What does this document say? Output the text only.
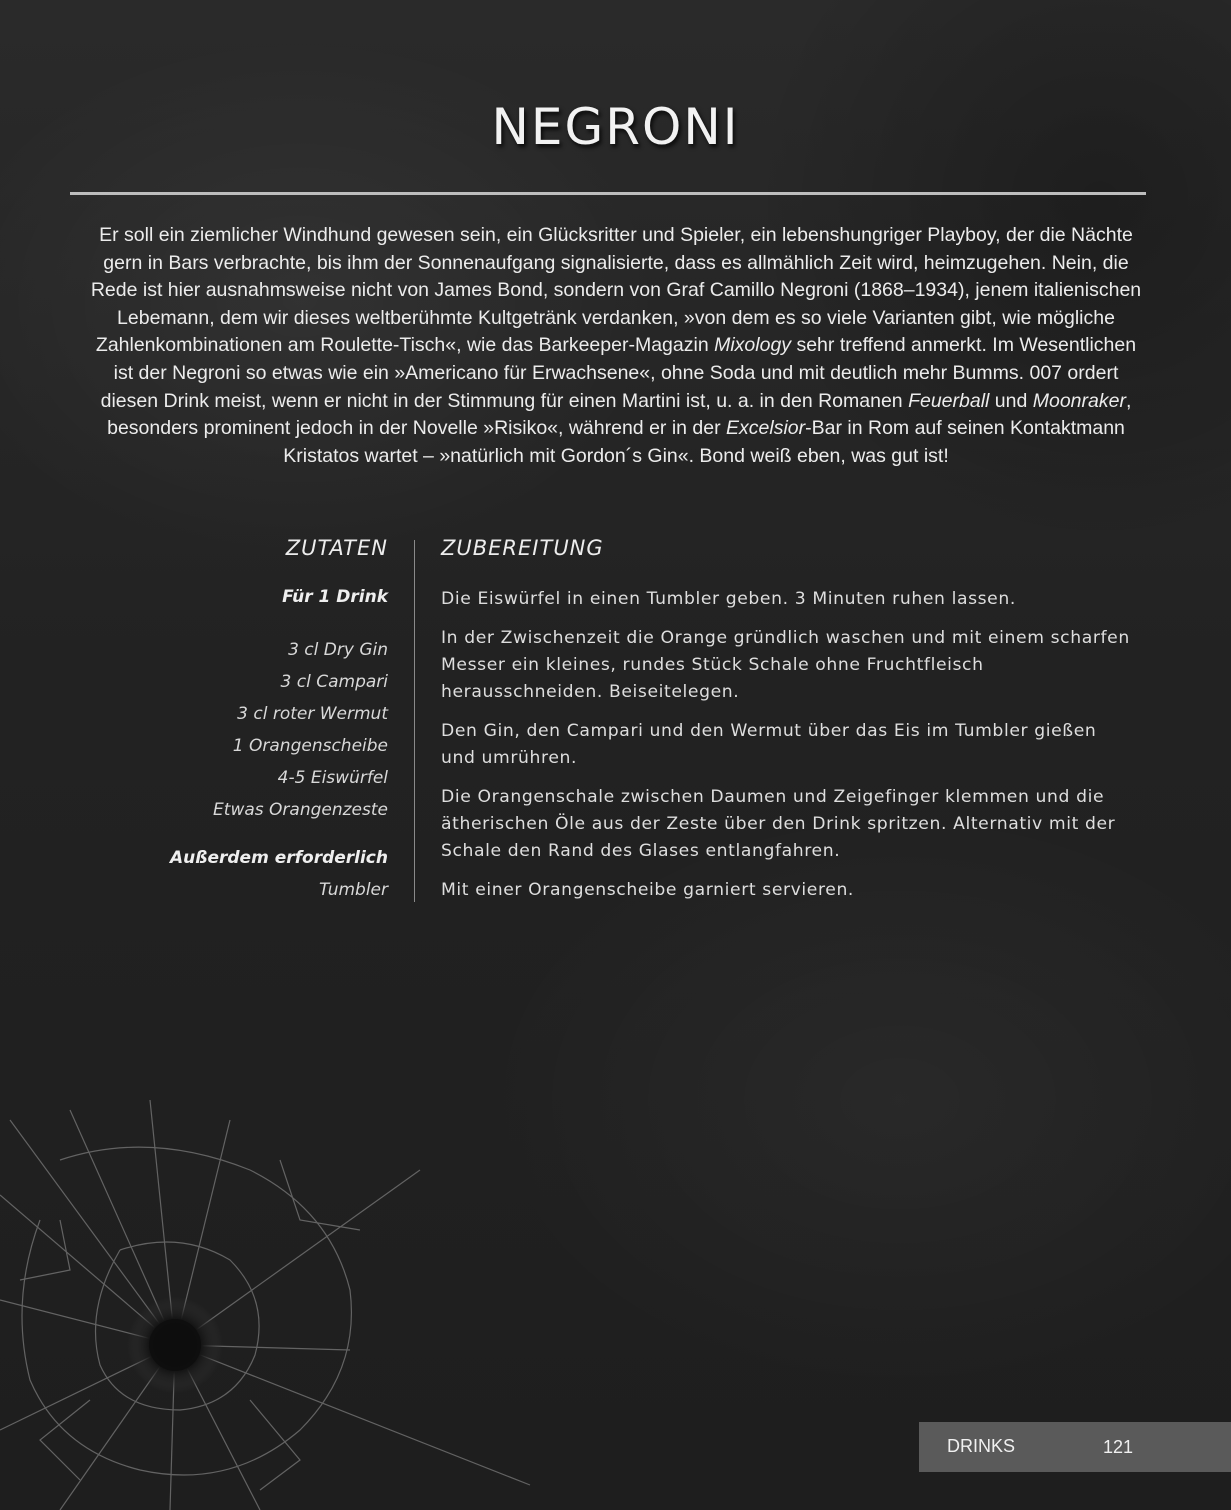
NEGRONI

Er soll ein ziemlicher Windhund gewesen sein, ein Glücksritter und Spieler, ein lebenshungriger Playboy, der die Nächte gern in Bars verbrachte, bis ihm der Sonnenaufgang signalisierte, dass es allmählich Zeit wird, heimzugehen. Nein, die Rede ist hier ausnahmsweise nicht von James Bond, sondern von Graf Camillo Negroni (1868–1934), jenem italienischen Lebemann, dem wir dieses weltberühmte Kultgetränk verdanken, »von dem es so viele Varianten gibt, wie mögliche Zahlenkombinationen am Roulette-Tisch«, wie das Barkeeper-Magazin Mixology sehr treffend anmerkt. Im Wesentlichen ist der Negroni so etwas wie ein »Americano für Erwachsene«, ohne Soda und mit deutlich mehr Bumms. 007 ordert diesen Drink meist, wenn er nicht in der Stimmung für einen Martini ist, u. a. in den Romanen Feuerball und Moonraker, besonders prominent jedoch in der Novelle »Risiko«, während er in der Excelsior-Bar in Rom auf seinen Kontaktmann Kristatos wartet – »natürlich mit Gordon´s Gin«. Bond weiß eben, was gut ist!

ZUTATEN	ZUBEREITUNG
Für 1 Drink
3 cl Dry Gin
3 cl Campari
3 cl roter Wermut
1 Orangenscheibe
4-5 Eiswürfel
Etwas Orangenzeste
Außerdem erforderlich
Tumbler
Die Eiswürfel in einen Tumbler geben. 3 Minuten ruhen lassen.
In der Zwischenzeit die Orange gründlich waschen und mit einem scharfen Messer ein kleines, rundes Stück Schale ohne Fruchtfleisch herausschneiden. Beiseitelegen.
Den Gin, den Campari und den Wermut über das Eis im Tumbler gießen und umrühren.
Die Orangenschale zwischen Daumen und Zeigefinger klemmen und die ätherischen Öle aus der Zeste über den Drink spritzen. Alternativ mit der Schale den Rand des Glases entlangfahren.
Mit einer Orangenscheibe garniert servieren.
DRINKS	121
